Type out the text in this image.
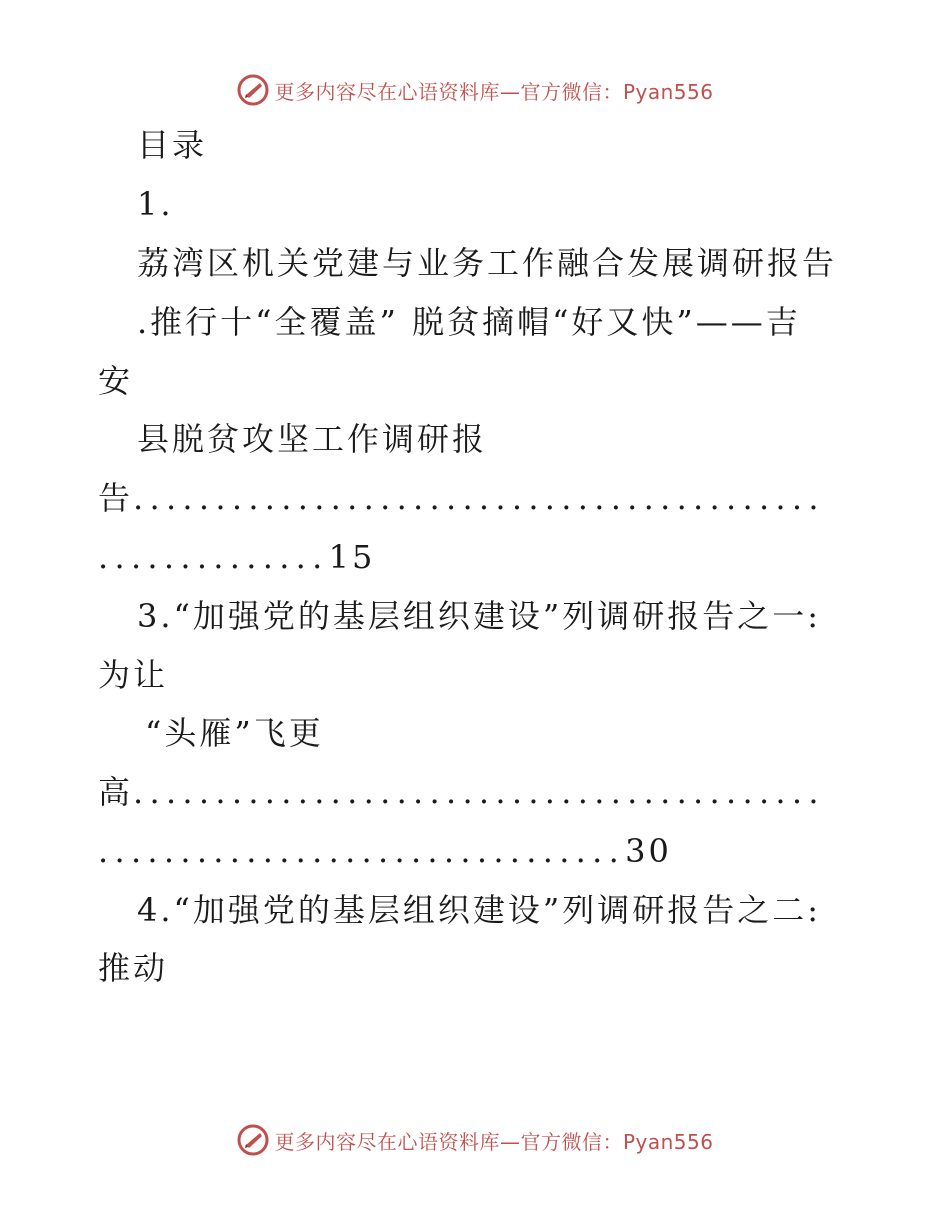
更多内容尽在心语资料库—官方微信：Pyan556
目录
1.
荔湾区机关党建与业务工作融合发展调研报告
.推行十“全覆盖” 脱贫摘帽“好又快”——吉
安
县脱贫攻坚工作调研报
告..........................................
..............15
3.“加强党的基层组织建设”列调研报告之一:
为让
“头雁”飞更
高..........................................
................................30
4.“加强党的基层组织建设”列调研报告之二:
推动
更多内容尽在心语资料库—官方微信：Pyan556
